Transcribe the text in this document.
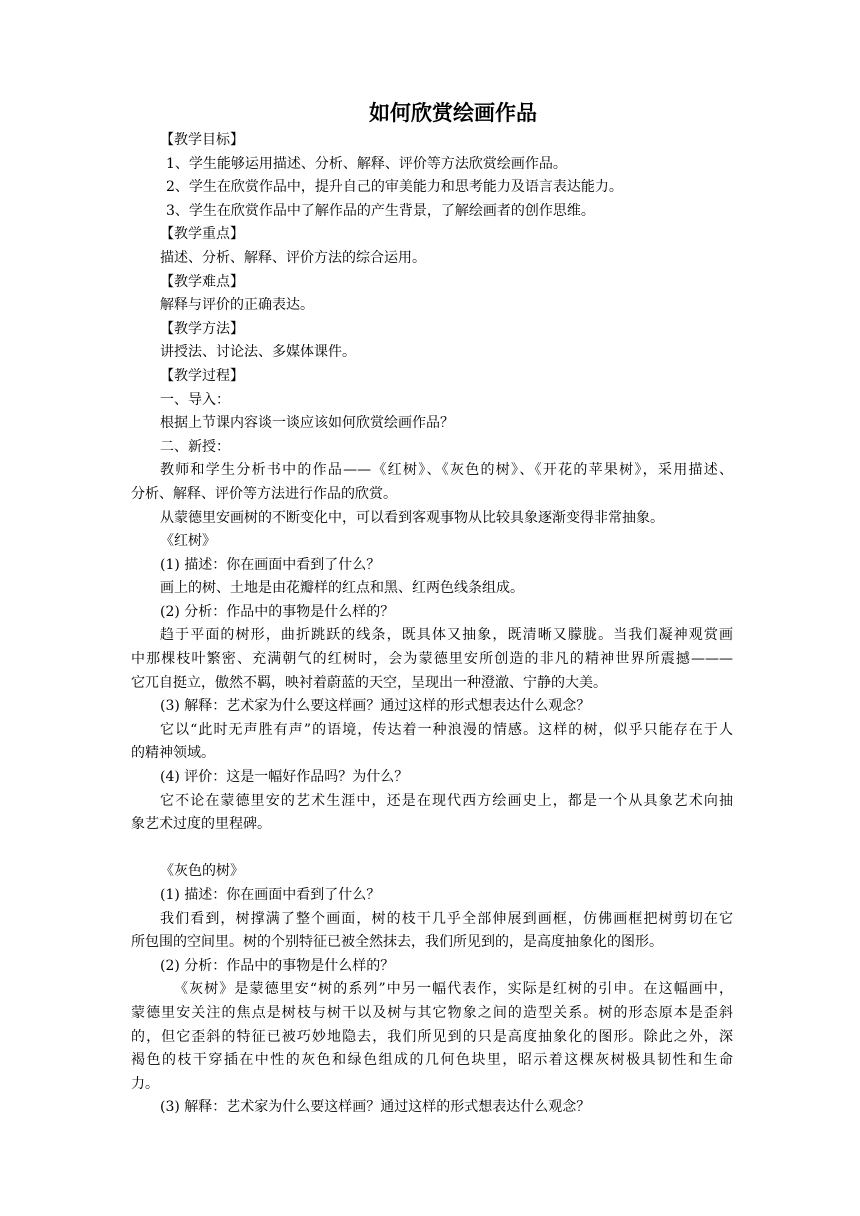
如何欣赏绘画作品

【教学目标】

1、学生能够运用描述、分析、解释、评价等方法欣赏绘画作品。

2、学生在欣赏作品中，提升自己的审美能力和思考能力及语言表达能力。

3、学生在欣赏作品中了解作品的产生背景，了解绘画者的创作思维。

【教学重点】

描述、分析、解释、评价方法的综合运用。

【教学难点】

解释与评价的正确表达。

【教学方法】

讲授法、讨论法、多媒体课件。

【教学过程】

一、导入：

根据上节课内容谈一谈应该如何欣赏绘画作品？

二、新授：

教师和学生分析书中的作品——《红树》、《灰色的树》、《开花的苹果树》，采用描述、

分析、解释、评价等方法进行作品的欣赏。

从蒙德里安画树的不断变化中，可以看到客观事物从比较具象逐渐变得非常抽象。

《红树》

(1) 描述：你在画面中看到了什么？

画上的树、土地是由花瓣样的红点和黑、红两色线条组成。

(2) 分析：作品中的事物是什么样的？

趋于平面的树形，曲折跳跃的线条，既具体又抽象，既清晰又朦胧。当我们凝神观赏画

中那棵枝叶繁密、充满朝气的红树时，会为蒙德里安所创造的非凡的精神世界所震撼———

它兀自挺立，傲然不羁，映衬着蔚蓝的天空，呈现出一种澄澈、宁静的大美。

(3) 解释：艺术家为什么要这样画？通过这样的形式想表达什么观念？

它以“此时无声胜有声”的语境，传达着一种浪漫的情感。这样的树，似乎只能存在于人

的精神领域。

(4) 评价：这是一幅好作品吗？为什么？

它不论在蒙德里安的艺术生涯中，还是在现代西方绘画史上，都是一个从具象艺术向抽

象艺术过度的里程碑。

《灰色的树》

(1) 描述：你在画面中看到了什么？

我们看到，树撑满了整个画面，树的枝干几乎全部伸展到画框，仿佛画框把树剪切在它

所包围的空间里。树的个别特征已被全然抹去，我们所见到的，是高度抽象化的图形。

(2) 分析：作品中的事物是什么样的？

《灰树》是蒙德里安“树的系列”中另一幅代表作，实际是红树的引申。在这幅画中，

蒙德里安关注的焦点是树枝与树干以及树与其它物象之间的造型关系。树的形态原本是歪斜

的，但它歪斜的特征已被巧妙地隐去，我们所见到的只是高度抽象化的图形。除此之外，深

褐色的枝干穿插在中性的灰色和绿色组成的几何色块里，昭示着这棵灰树极具韧性和生命

力。

(3) 解释：艺术家为什么要这样画？通过这样的形式想表达什么观念？
